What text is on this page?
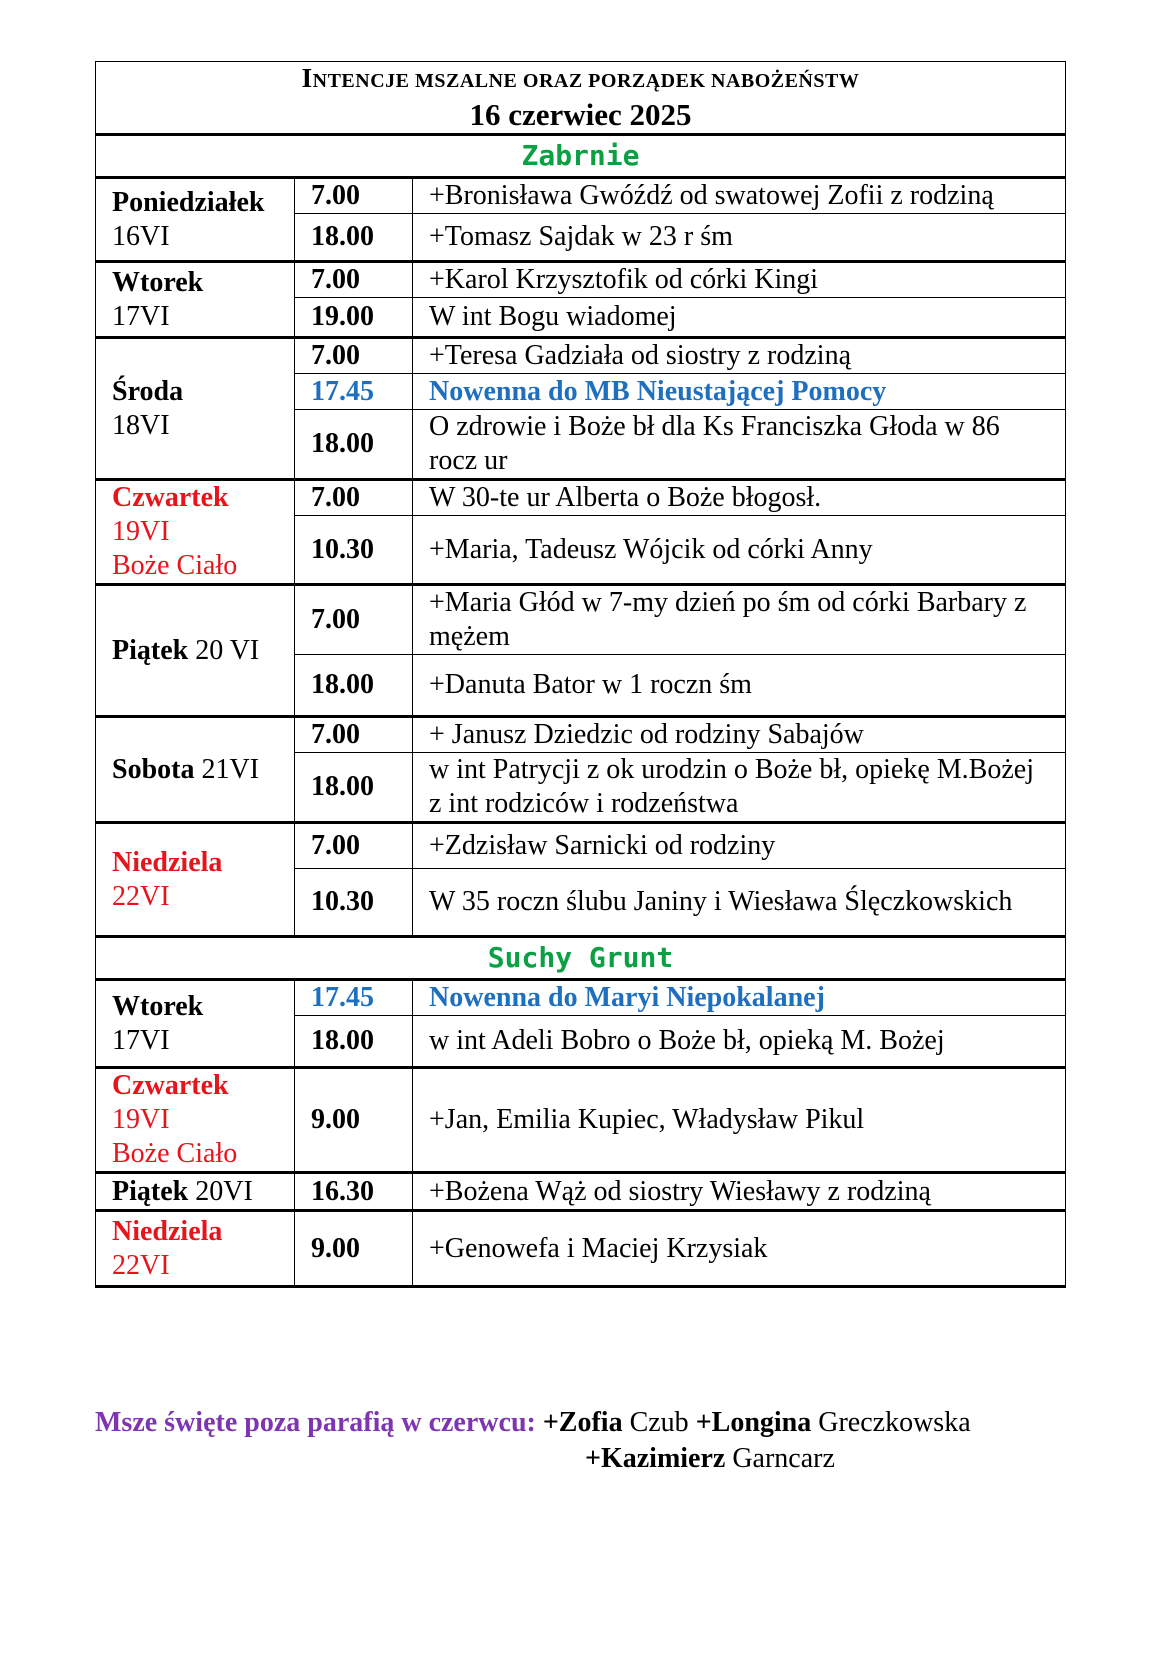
INTENCJE MSZALNE ORAZ PORZĄDEK NABOŻEŃSTW
16 czerwiec 2025		

Zabrnie		
Poniedziałek
16VI	7.00	+Bronisława Gwóźdź od swatowej Zofii z rodziną
	18.00	+Tomasz Sajdak w 23 r śm
Wtorek
17VI	7.00	+Karol Krzysztofik od córki Kingi
	19.00	W int Bogu wiadomej
Środa
18VI	7.00	+Teresa Gadziała od siostry z rodziną
	17.45	Nowenna do MB Nieustającej Pomocy
	18.00	O zdrowie i Boże bł dla Ks Franciszka Głoda w 86 rocz ur
Czwartek
19VI
Boże Ciało	7.00	W 30-te ur Alberta o Boże błogosł.
	10.30	+Maria, Tadeusz Wójcik od córki Anny
Piątek 20 VI	7.00	+Maria Głód w 7-my dzień po śm od córki Barbary z mężem
	18.00	+Danuta Bator w 1 roczn śm
Sobota 21VI	7.00	+ Janusz Dziedzic od rodziny Sabajów
	18.00	w int Patrycji z ok urodzin o Boże bł, opiekę M.Bożej z int rodziców i rodzeństwa
Niedziela
22VI	7.00	+Zdzisław Sarnicki od rodziny
	10.30	W 35 roczn ślubu Janiny i Wiesława Ślęczkowskich
Suchy Grunt		
Wtorek
17VI	17.45	Nowenna do Maryi Niepokalanej
	18.00	w int Adeli Bobro o Boże bł, opieką M. Bożej
Czwartek
19VI
Boże Ciało	9.00	+Jan, Emilia Kupiec, Władysław Pikul
Piątek 20VI	16.30	+Bożena Wąż od siostry Wiesławy z rodziną
Niedziela
22VI	9.00	+Genowefa i Maciej Krzysiak
Msze święte poza parafią w czerwcu: +Zofia Czub +Longina Greczkowska
+Kazimierz Garncarz
